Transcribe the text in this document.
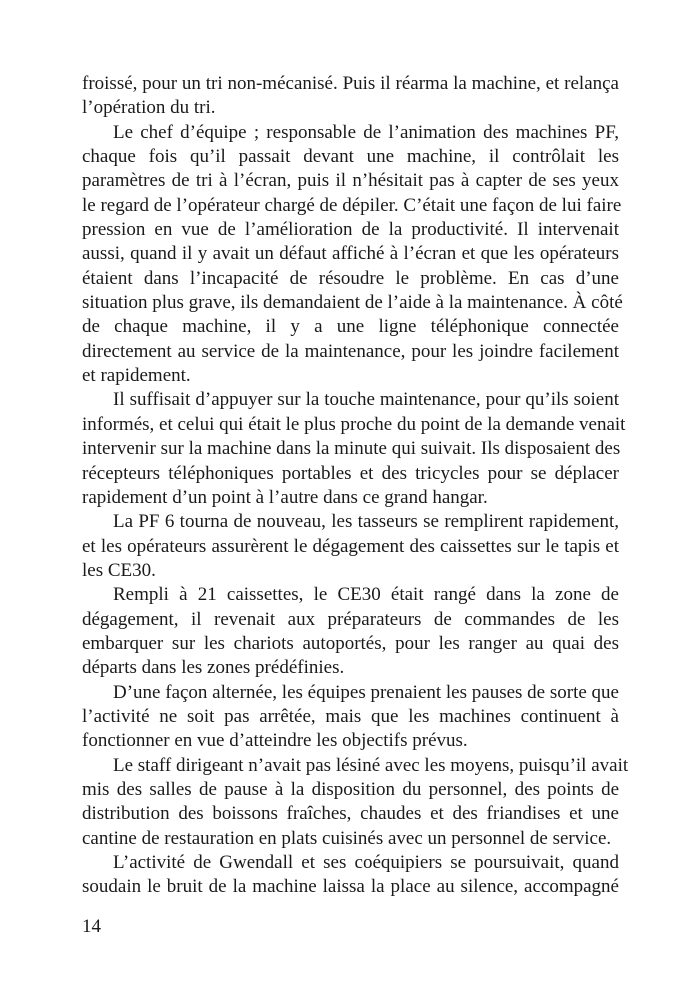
froissé, pour un tri non-mécanisé. Puis il réarma la machine, et relança
l’opération du tri.
Le chef d’équipe ; responsable de l’animation des machines PF,
chaque fois qu’il passait devant une machine, il contrôlait les
paramètres de tri à l’écran, puis il n’hésitait pas à capter de ses yeux
le regard de l’opérateur chargé de dépiler. C’était une façon de lui faire
pression en vue de l’amélioration de la productivité. Il intervenait
aussi, quand il y avait un défaut affiché à l’écran et que les opérateurs
étaient dans l’incapacité de résoudre le problème. En cas d’une
situation plus grave, ils demandaient de l’aide à la maintenance. À côté
de chaque machine, il y a une ligne téléphonique connectée
directement au service de la maintenance, pour les joindre facilement
et rapidement.
Il suffisait d’appuyer sur la touche maintenance, pour qu’ils soient
informés, et celui qui était le plus proche du point de la demande venait
intervenir sur la machine dans la minute qui suivait. Ils disposaient des
récepteurs téléphoniques portables et des tricycles pour se déplacer
rapidement d’un point à l’autre dans ce grand hangar.
La PF 6 tourna de nouveau, les tasseurs se remplirent rapidement,
et les opérateurs assurèrent le dégagement des caissettes sur le tapis et
les CE30.
Rempli à 21 caissettes, le CE30 était rangé dans la zone de
dégagement, il revenait aux préparateurs de commandes de les
embarquer sur les chariots autoportés, pour les ranger au quai des
départs dans les zones prédéfinies.
D’une façon alternée, les équipes prenaient les pauses de sorte que
l’activité ne soit pas arrêtée, mais que les machines continuent à
fonctionner en vue d’atteindre les objectifs prévus.
Le staff dirigeant n’avait pas lésiné avec les moyens, puisqu’il avait
mis des salles de pause à la disposition du personnel, des points de
distribution des boissons fraîches, chaudes et des friandises et une
cantine de restauration en plats cuisinés avec un personnel de service.
L’activité de Gwendall et ses coéquipiers se poursuivait, quand
soudain le bruit de la machine laissa la place au silence, accompagné
14
